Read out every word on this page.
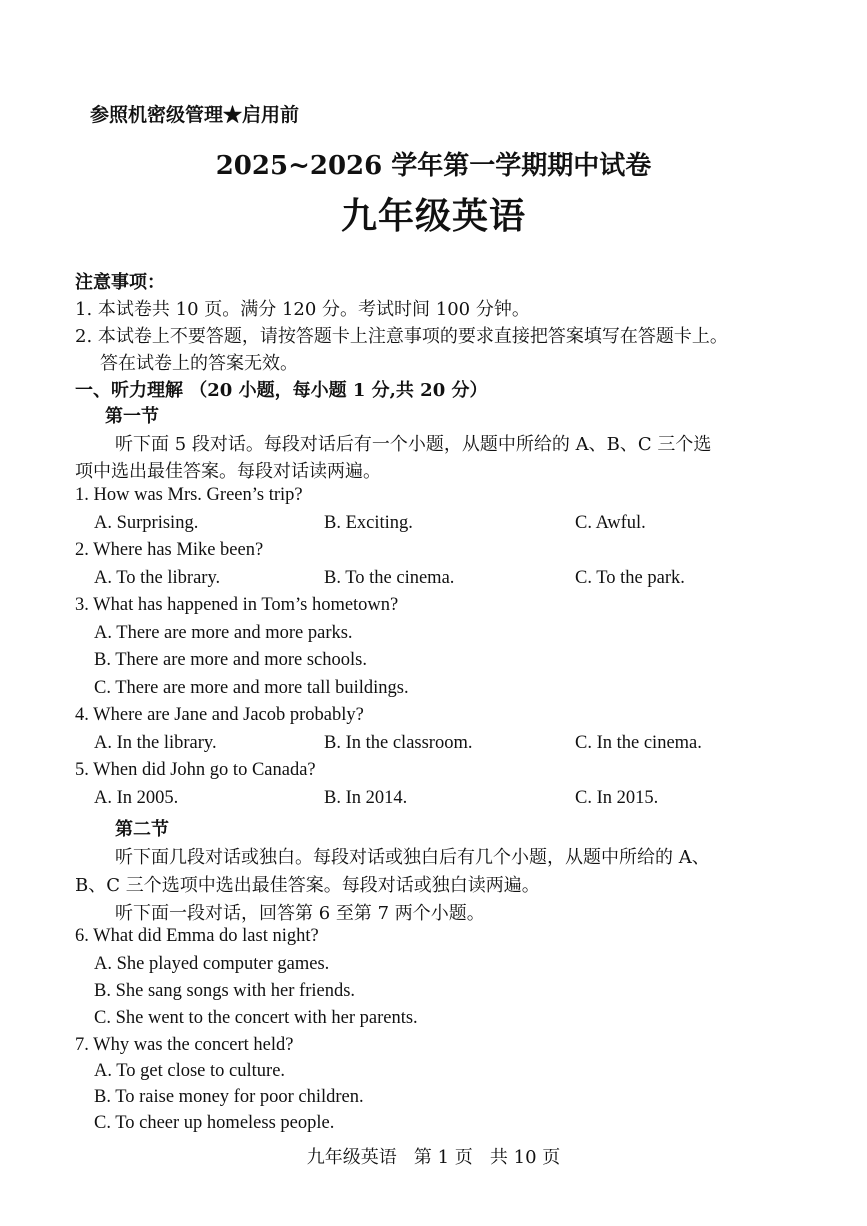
参照机密级管理★启用前
2025~2026 学年第一学期期中试卷
九年级英语
注意事项：
1. 本试卷共 10 页。满分 120 分。考试时间 100 分钟。
2. 本试卷上不要答题，请按答题卡上注意事项的要求直接把答案填写在答题卡上。
答在试卷上的答案无效。
一、听力理解 （20 小题，每小题 1 分,共 20 分）
第一节
听下面 5 段对话。每段对话后有一个小题，从题中所给的 A、B、C 三个选
项中选出最佳答案。每段对话读两遍。
1. How was Mrs. Green’s trip?
A. Surprising.	B. Exciting.	C. Awful.
2. Where has Mike been?
A. To the library.	B. To the cinema.	C. To the park.
3. What has happened in Tom’s hometown?
A. There are more and more parks.
B. There are more and more schools.
C. There are more and more tall buildings.
4. Where are Jane and Jacob probably?
A. In the library.	B. In the classroom.	C. In the cinema.
5. When did John go to Canada?
A. In 2005.	B. In 2014.	C. In 2015.
第二节
听下面几段对话或独白。每段对话或独白后有几个小题，从题中所给的 A、
B、C 三个选项中选出最佳答案。每段对话或独白读两遍。
听下面一段对话，回答第 6 至第 7 两个小题。
6. What did Emma do last night?
A. She played computer games.
B. She sang songs with her friends.
C. She went to the concert with her parents.
7. Why was the concert held?
A. To get close to culture.
B. To raise money for poor children.
C. To cheer up homeless people.
九年级英语   第 1 页   共 10 页
